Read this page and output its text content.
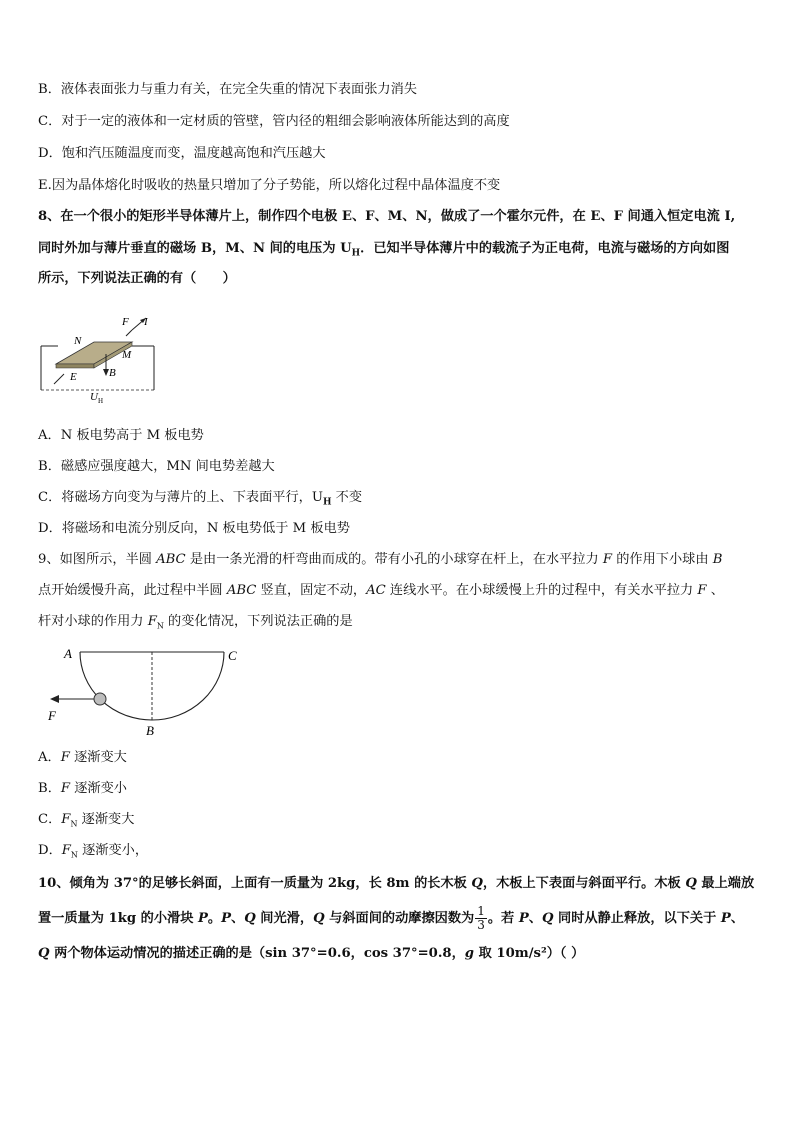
B．液体表面张力与重力有关，在完全失重的情况下表面张力消失
C．对于一定的液体和一定材质的管壁，管内径的粗细会影响液体所能达到的高度
D．饱和汽压随温度而变，温度越高饱和汽压越大
E.因为晶体熔化时吸收的热量只增加了分子势能，所以熔化过程中晶体温度不变
8、在一个很小的矩形半导体薄片上，制作四个电极 E、F、M、N，做成了一个霍尔元件，在 E、F 间通入恒定电流 I,
同时外加与薄片垂直的磁场 B，M、N 间的电压为 $U_H$．已知半导体薄片中的载流子为正电荷，电流与磁场的方向如图
所示，下列说法正确的有（　　）
N
F I
M
E	B
U H
A．N 板电势高于 M 板电势
B．磁感应强度越大，MN 间电势差越大
C．将磁场方向变为与薄片的上、下表面平行，$U_H$ 不变
D．将磁场和电流分别反向，N 板电势低于 M 板电势
9、如图所示，半圆 ABC 是由一条光滑的杆弯曲而成的。带有小孔的小球穿在杆上，在水平拉力 F 的作用下小球由 B
点开始缓慢升高，此过程中半圆 ABC 竖直，固定不动，AC 连线水平。在小球缓慢上升的过程中，有关水平拉力 F 、
杆对小球的作用力 $F_N$ 的变化情况，下列说法正确的是
A	C
B
F
A．F 逐渐变大
B．F 逐渐变小
C．$F_N$ 逐渐变大
D．$F_N$ 逐渐变小，
10、倾角为 37°的足够长斜面，上面有一质量为 2kg，长 8m 的长木板 Q，木板上下表面与斜面平行。木板 Q 最上端放
置一质量为 1kg 的小滑块 P。P、Q 间光滑，Q 与斜面间的动摩擦因数为 $\frac{1}{3}$ 。若 P、Q 同时从静止释放，以下关于 P、
Q 两个物体运动情况的描述正确的是（sin 37°=0.6，cos 37°=0.8，g 取 10m/s²）（ ）
